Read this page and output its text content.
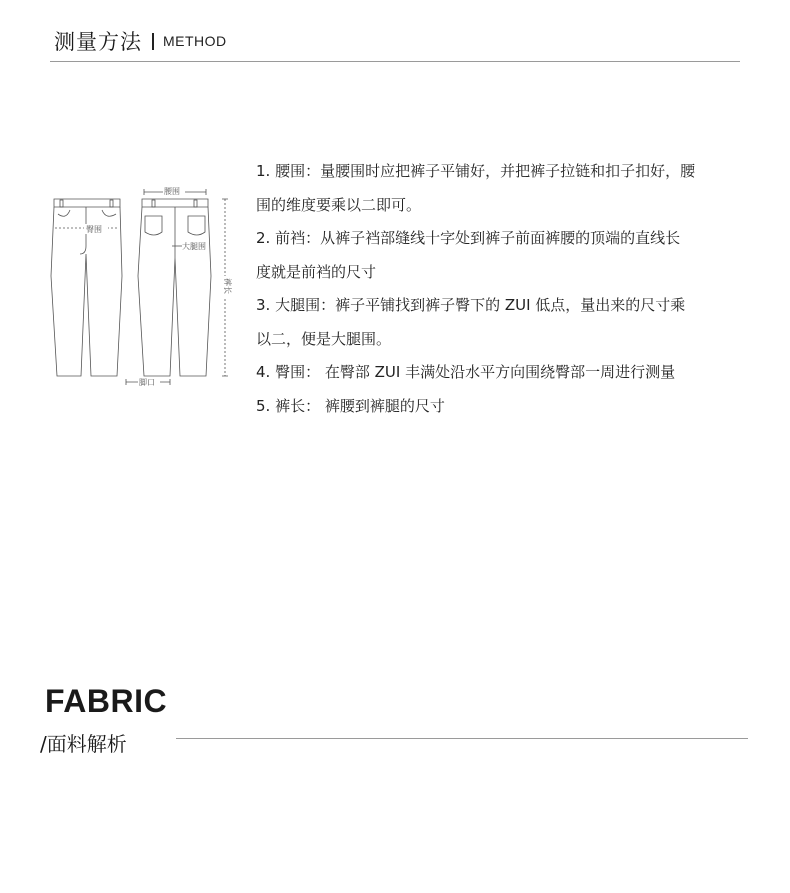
测量方法 METHOD
腰围
臀围
大腿围
脚口
裤长
1. 腰围：量腰围时应把裤子平铺好，并把裤子拉链和扣子扣好，腰
围的维度要乘以二即可。
2. 前裆：从裤子裆部缝线十字处到裤子前面裤腰的顶端的直线长
度就是前裆的尺寸
3. 大腿围：裤子平铺找到裤子臀下的 ZUI 低点，量出来的尺寸乘
以二，便是大腿围。
4. 臀围： 在臀部 ZUI 丰满处沿水平方向围绕臀部一周进行测量
5. 裤长： 裤腰到裤腿的尺寸
FABRIC
/面料解析
